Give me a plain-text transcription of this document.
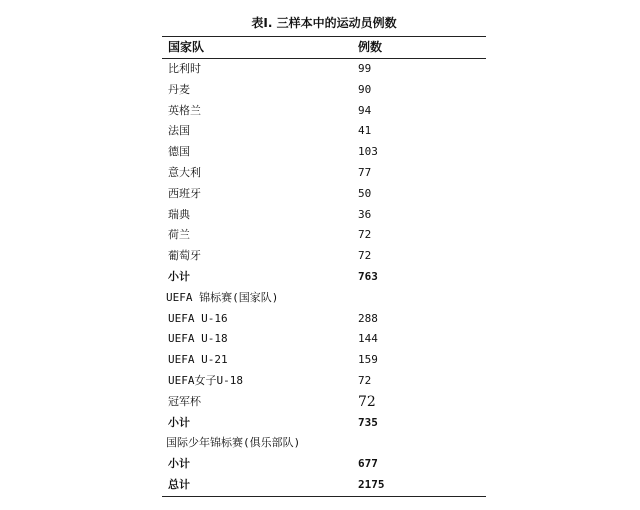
表I. 三样本中的运动员例数
国家队	例数
比利时	99
丹麦	90
英格兰	94
法国	41
德国	103
意大利	77
西班牙	50
瑞典	36
荷兰	72
葡萄牙	72
小计	763
UEFA 锦标赛(国家队)
UEFA U-16	288
UEFA U-18	144
UEFA U-21	159
UEFA女子U-18	72
冠军杯	72
小计	735
国际少年锦标赛(俱乐部队)
小计	677
总计	2175
